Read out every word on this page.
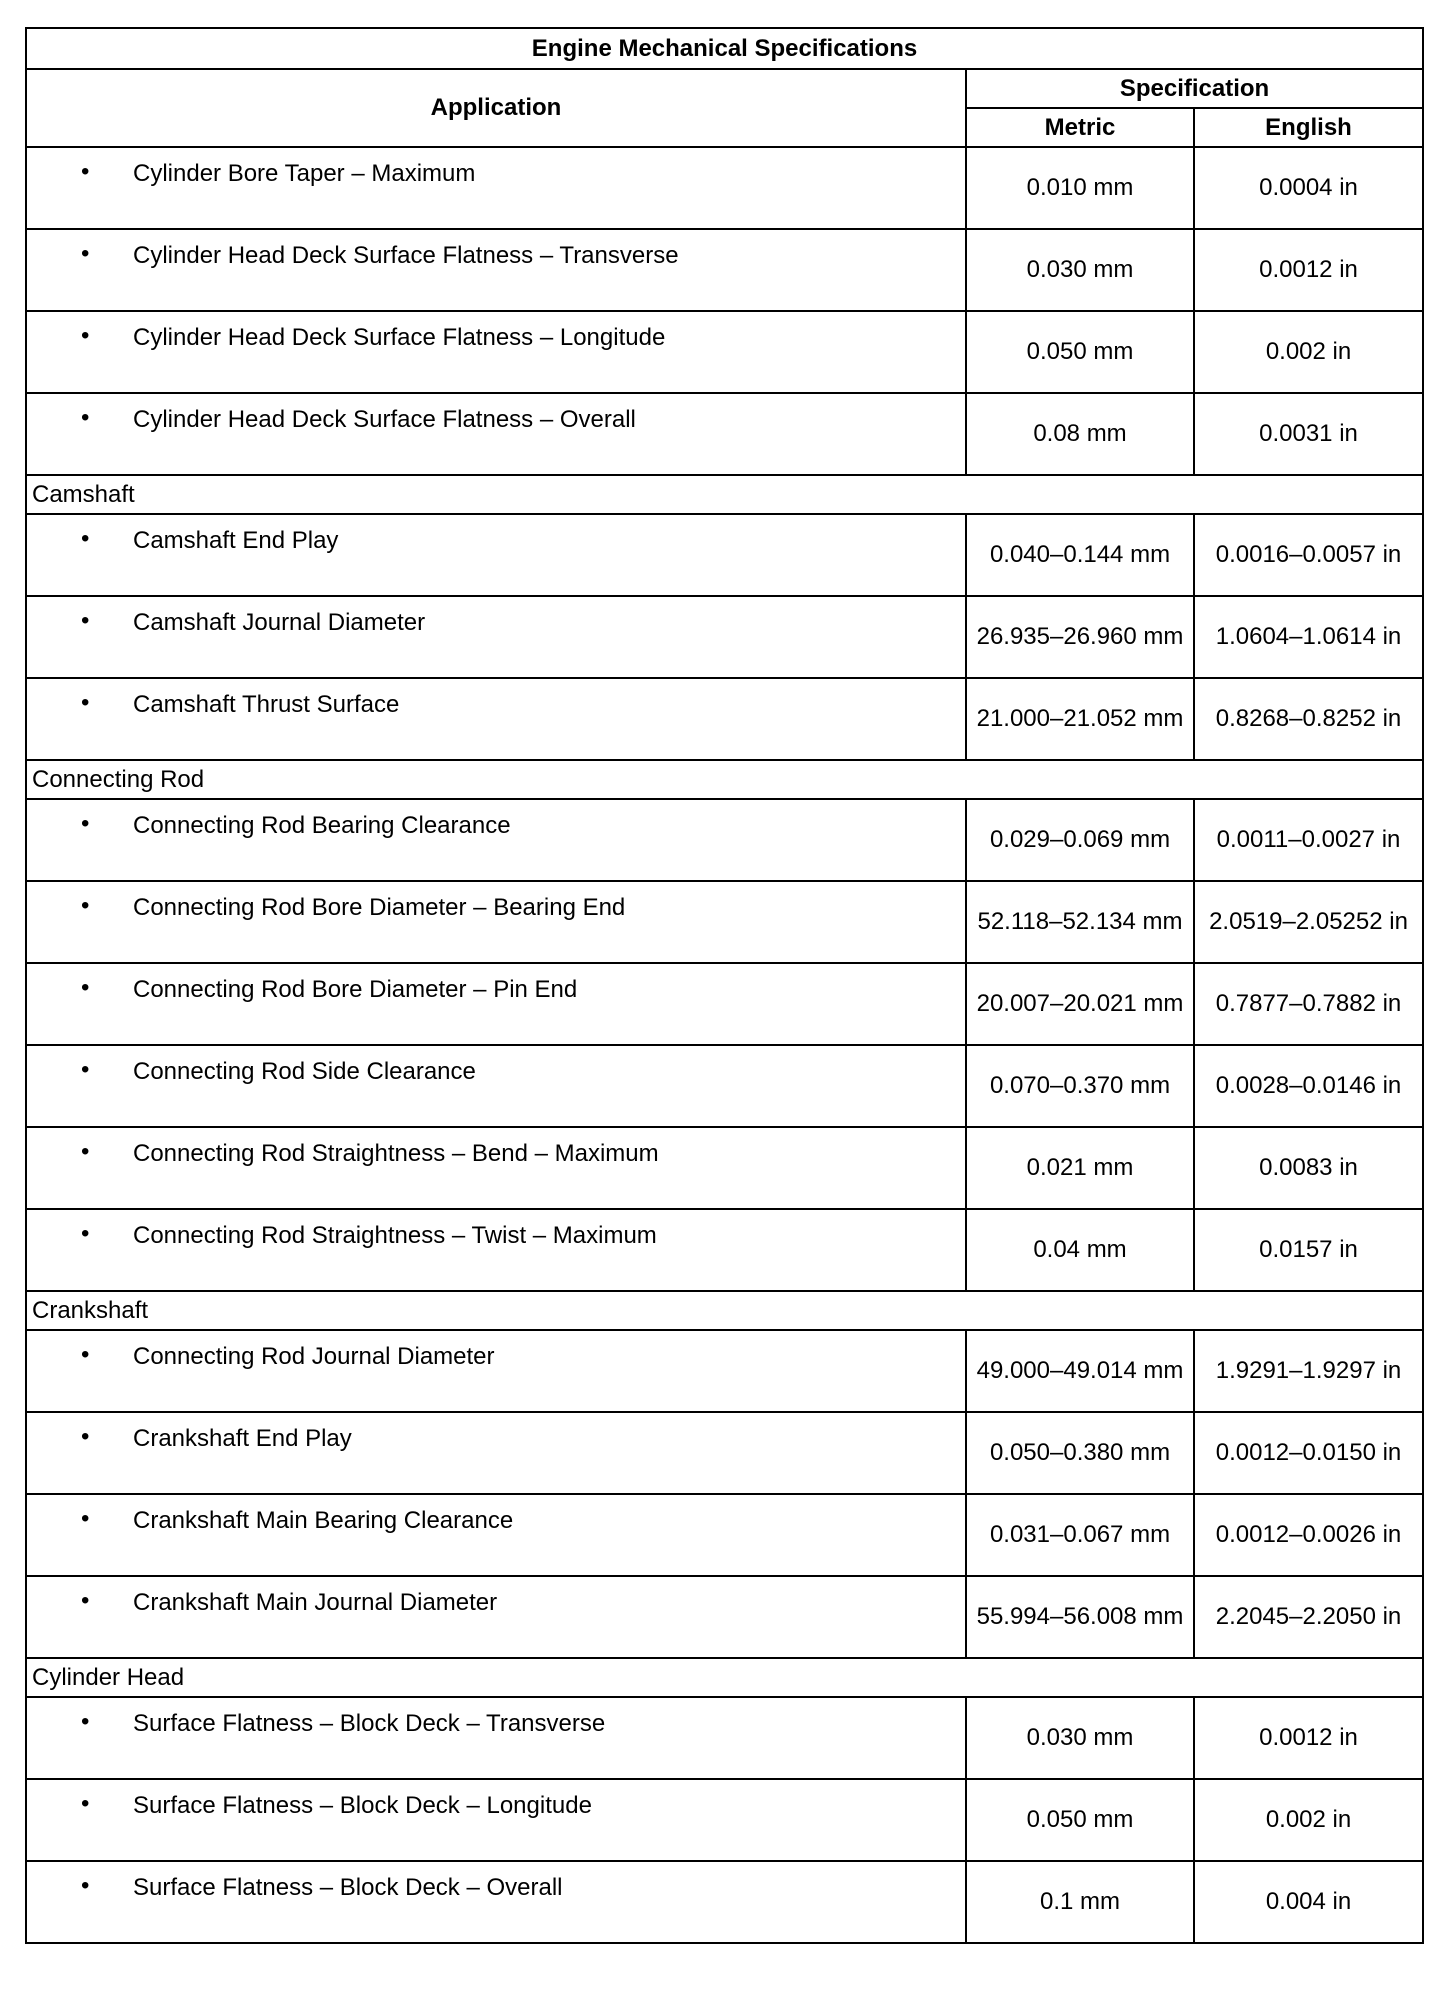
Engine Mechanical Specifications		
Application	Specification	
	Metric	English

• Cylinder Bore Taper – Maximum	0.010 mm	0.0004 in

• Cylinder Head Deck Surface Flatness – Transverse	0.030 mm	0.0012 in

• Cylinder Head Deck Surface Flatness – Longitude	0.050 mm	0.002 in

• Cylinder Head Deck Surface Flatness – Overall	0.08 mm	0.0031 in
Camshaft		

• Camshaft End Play	0.040–0.144 mm	0.0016–0.0057 in

• Camshaft Journal Diameter	26.935–26.960 mm	1.0604–1.0614 in

• Camshaft Thrust Surface	21.000–21.052 mm	0.8268–0.8252 in
Connecting Rod		

• Connecting Rod Bearing Clearance	0.029–0.069 mm	0.0011–0.0027 in

• Connecting Rod Bore Diameter – Bearing End	52.118–52.134 mm	2.0519–2.05252 in

• Connecting Rod Bore Diameter – Pin End	20.007–20.021 mm	0.7877–0.7882 in

• Connecting Rod Side Clearance	0.070–0.370 mm	0.0028–0.0146 in

• Connecting Rod Straightness – Bend – Maximum	0.021 mm	0.0083 in

• Connecting Rod Straightness – Twist – Maximum	0.04 mm	0.0157 in
Crankshaft		

• Connecting Rod Journal Diameter	49.000–49.014 mm	1.9291–1.9297 in

• Crankshaft End Play	0.050–0.380 mm	0.0012–0.0150 in

• Crankshaft Main Bearing Clearance	0.031–0.067 mm	0.0012–0.0026 in

• Crankshaft Main Journal Diameter	55.994–56.008 mm	2.2045–2.2050 in
Cylinder Head		

• Surface Flatness – Block Deck – Transverse	0.030 mm	0.0012 in

• Surface Flatness – Block Deck – Longitude	0.050 mm	0.002 in

• Surface Flatness – Block Deck – Overall	0.1 mm	0.004 in
